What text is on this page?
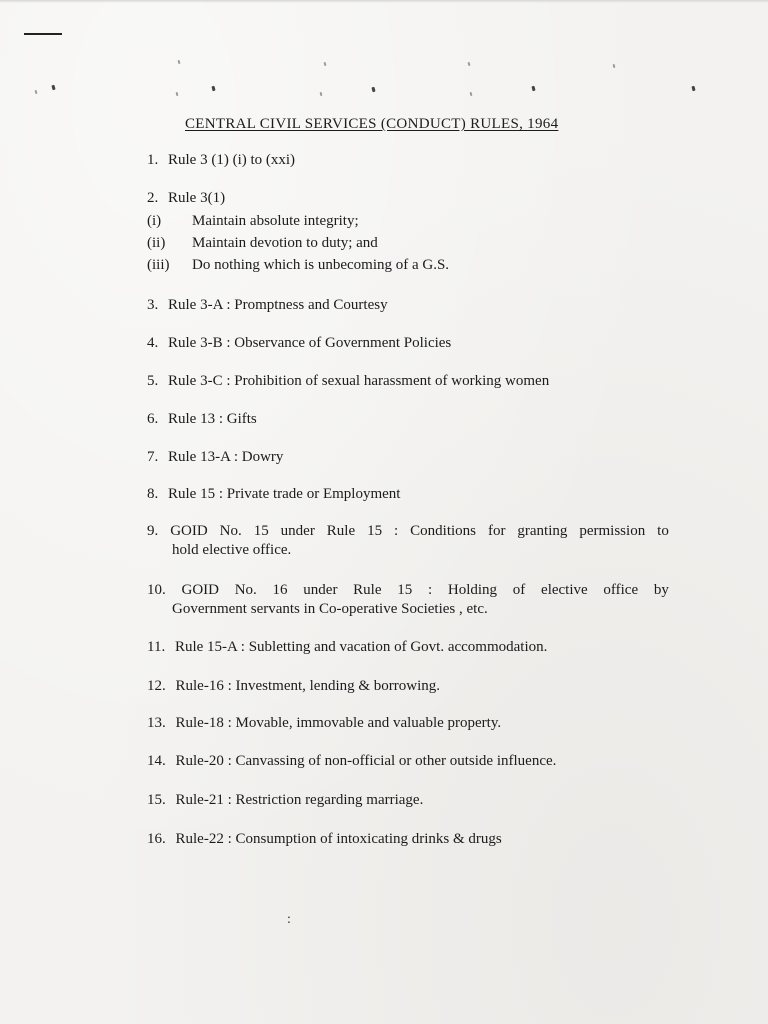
CENTRAL CIVIL SERVICES (CONDUCT) RULES, 1964
1. Rule 3 (1) (i) to (xxi)
2. Rule 3(1)
(i) Maintain absolute integrity;
(ii) Maintain devotion to duty; and
(iii) Do nothing which is unbecoming of a G.S.
3. Rule 3-A : Promptness and Courtesy
4. Rule 3-B : Observance of Government Policies
5. Rule 3-C : Prohibition of sexual harassment of working women
6. Rule 13 : Gifts
7. Rule 13-A : Dowry
8. Rule 15 : Private trade or Employment
9. GOID No. 15 under Rule 15 : Conditions for granting permission to
hold elective office.
10. GOID No. 16 under Rule 15 : Holding of elective office by
Government servants in Co-operative Societies , etc.
11. Rule 15-A : Subletting and vacation of Govt. accommodation.
12. Rule-16 : Investment, lending & borrowing.
13. Rule-18 : Movable, immovable and valuable property.
14. Rule-20 : Canvassing of non-official or other outside influence.
15. Rule-21 : Restriction regarding marriage.
16. Rule-22 : Consumption of intoxicating drinks & drugs
:
